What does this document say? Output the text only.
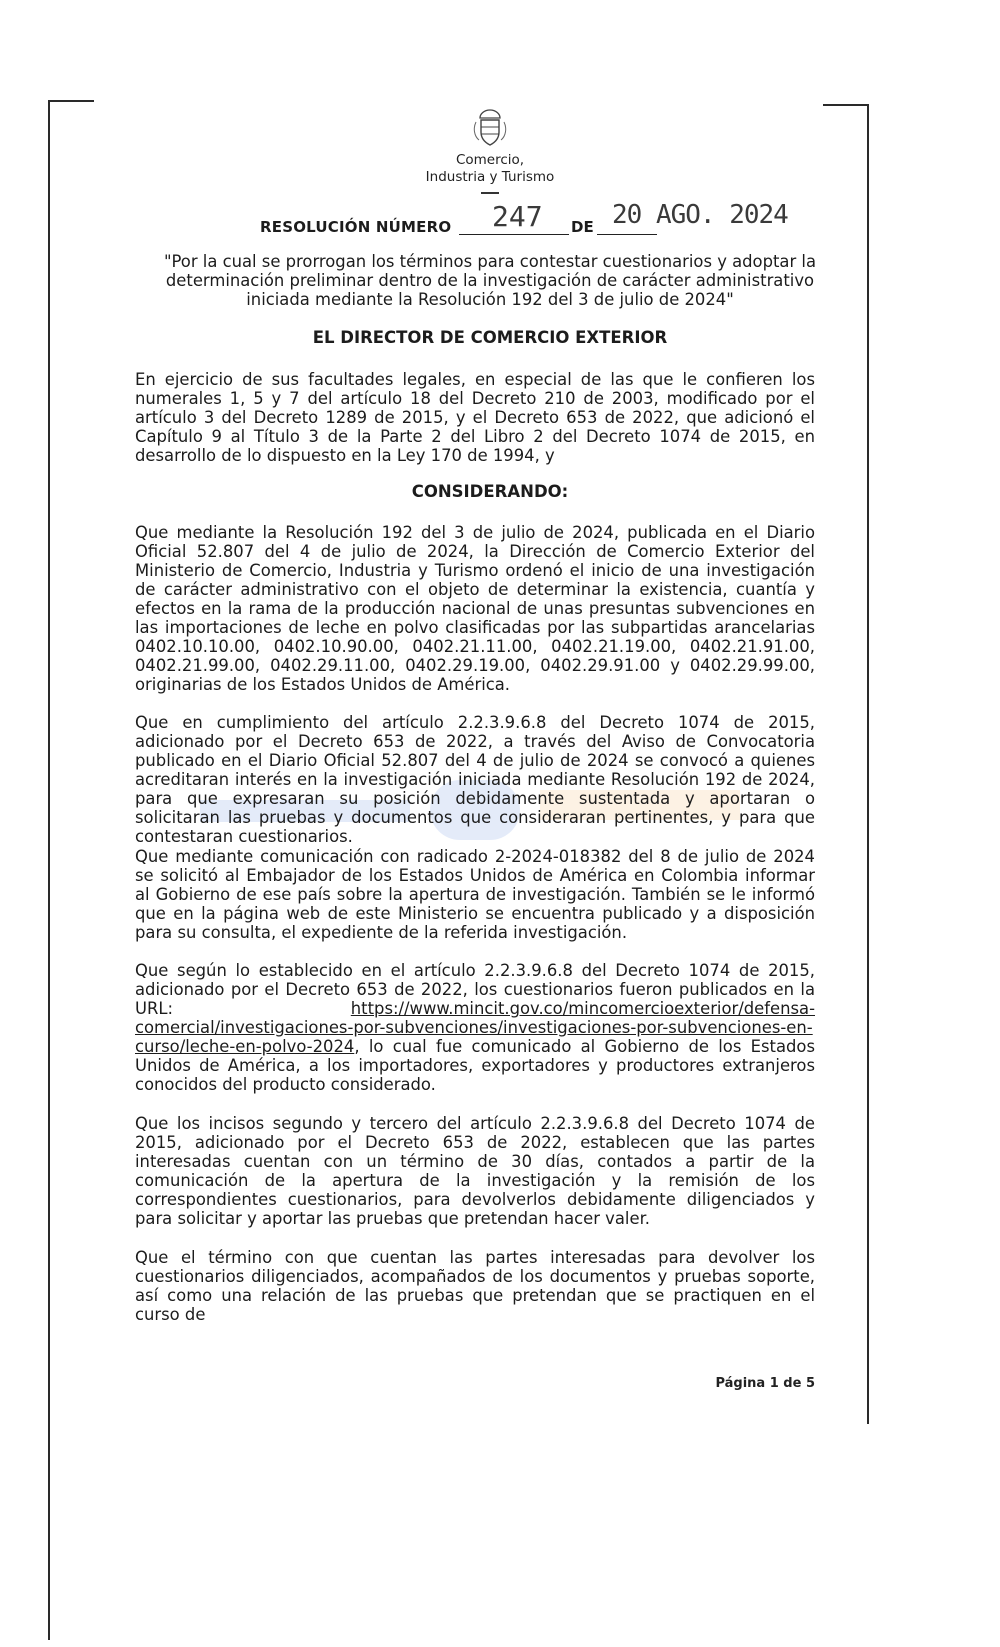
Comercio,
Industria y Turismo
RESOLUCIÓN NÚMERO 247 DE 20 AGO. 2024
"Por la cual se prorrogan los términos para contestar cuestionarios y adoptar la determinación preliminar dentro de la investigación de carácter administrativo iniciada mediante la Resolución 192 del 3 de julio de 2024"
EL DIRECTOR DE COMERCIO EXTERIOR
En ejercicio de sus facultades legales, en especial de las que le confieren los numerales 1, 5 y 7 del artículo 18 del Decreto 210 de 2003, modificado por el artículo 3 del Decreto 1289 de 2015, y el Decreto 653 de 2022, que adicionó el Capítulo 9 al Título 3 de la Parte 2 del Libro 2 del Decreto 1074 de 2015, en desarrollo de lo dispuesto en la Ley 170 de 1994, y
CONSIDERANDO:
Que mediante la Resolución 192 del 3 de julio de 2024, publicada en el Diario Oficial 52.807 del 4 de julio de 2024, la Dirección de Comercio Exterior del Ministerio de Comercio, Industria y Turismo ordenó el inicio de una investigación de carácter administrativo con el objeto de determinar la existencia, cuantía y efectos en la rama de la producción nacional de unas presuntas subvenciones en las importaciones de leche en polvo clasificadas por las subpartidas arancelarias 0402.10.10.00, 0402.10.90.00, 0402.21.11.00, 0402.21.19.00, 0402.21.91.00, 0402.21.99.00, 0402.29.11.00, 0402.29.19.00, 0402.29.91.00 y 0402.29.99.00, originarias de los Estados Unidos de América.
Que en cumplimiento del artículo 2.2.3.9.6.8 del Decreto 1074 de 2015, adicionado por el Decreto 653 de 2022, a través del Aviso de Convocatoria publicado en el Diario Oficial 52.807 del 4 de julio de 2024 se convocó a quienes acreditaran interés en la investigación iniciada mediante Resolución 192 de 2024, para que expresaran su posición debidamente sustentada y aportaran o solicitaran las pruebas y documentos que consideraran pertinentes, y para que contestaran cuestionarios.
Que mediante comunicación con radicado 2-2024-018382 del 8 de julio de 2024 se solicitó al Embajador de los Estados Unidos de América en Colombia informar al Gobierno de ese país sobre la apertura de investigación. También se le informó que en la página web de este Ministerio se encuentra publicado y a disposición para su consulta, el expediente de la referida investigación.
Que según lo establecido en el artículo 2.2.3.9.6.8 del Decreto 1074 de 2015, adicionado por el Decreto 653 de 2022, los cuestionarios fueron publicados en la URL: https://www.mincit.gov.co/mincomercioexterior/defensa-comercial/investigaciones-por-subvenciones/investigaciones-por-subvenciones-en-curso/leche-en-polvo-2024, lo cual fue comunicado al Gobierno de los Estados Unidos de América, a los importadores, exportadores y productores extranjeros conocidos del producto considerado.
Que los incisos segundo y tercero del artículo 2.2.3.9.6.8 del Decreto 1074 de 2015, adicionado por el Decreto 653 de 2022, establecen que las partes interesadas cuentan con un término de 30 días, contados a partir de la comunicación de la apertura de la investigación y la remisión de los correspondientes cuestionarios, para devolverlos debidamente diligenciados y para solicitar y aportar las pruebas que pretendan hacer valer.
Que el término con que cuentan las partes interesadas para devolver los cuestionarios diligenciados, acompañados de los documentos y pruebas soporte, así como una relación de las pruebas que pretendan que se practiquen en el curso de
Página 1 de 5
